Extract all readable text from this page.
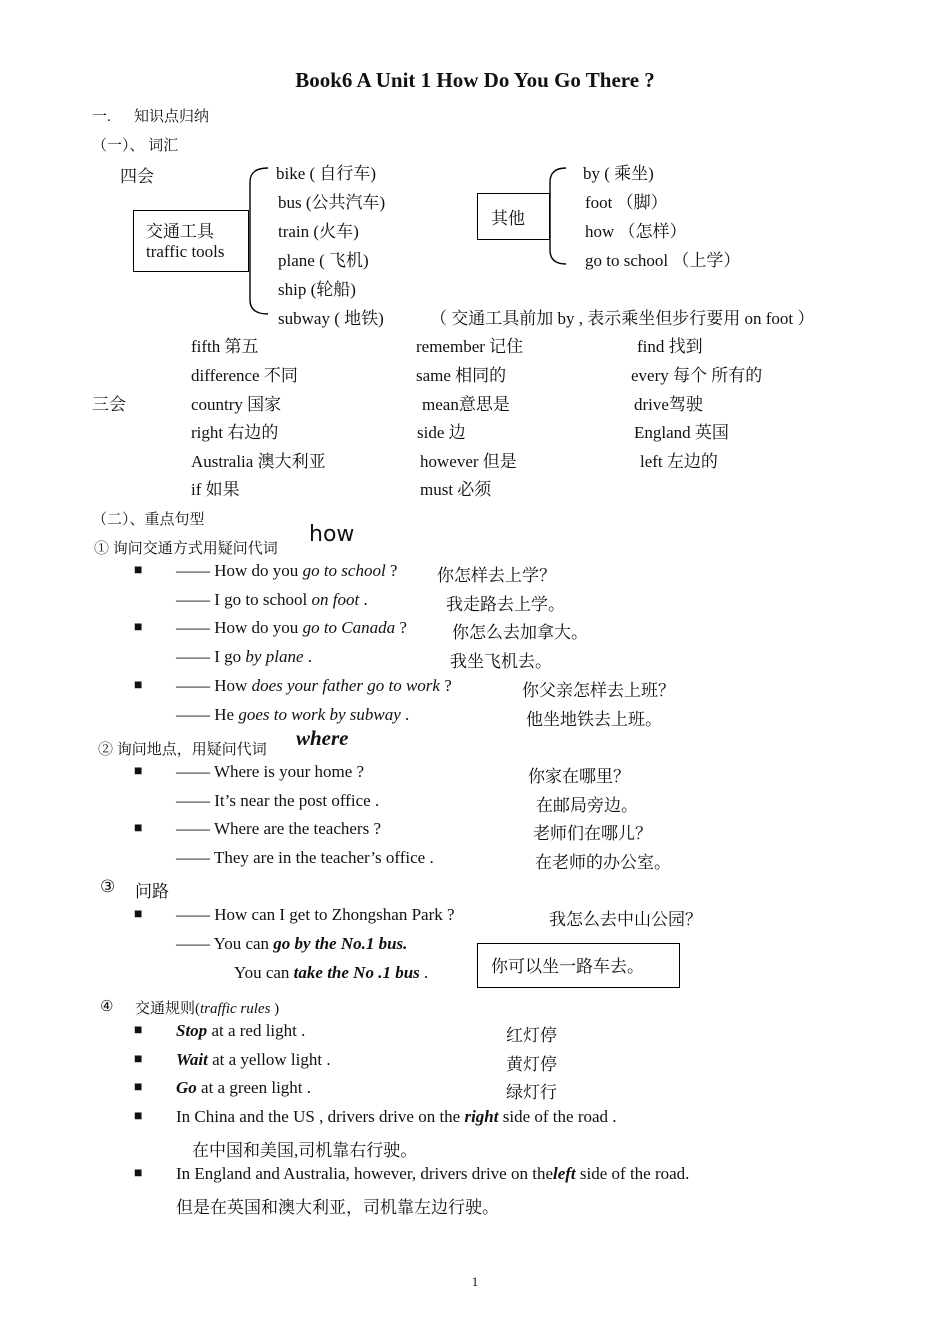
Book6 A Unit 1 How Do You Go There ?
一. 知识点归纳
（一）、 词汇
四会
交通工具
traffic tools
bike ( 自行车)
bus (公共汽车)
train (火车)
plane ( 飞机)
ship (轮船)
subway ( 地铁)
其他
by ( 乘坐)
foot （脚）
how （怎样）
go to school （上学）
（ 交通工具前加 by , 表示乘坐但步行要用 on foot ）
三会
fifth 第五	remember 记住	find 找到
difference 不同	same 相同的	every 每个 所有的
country 国家	mean意思是	drive驾驶
right 右边的	side 边	England 英国
Australia 澳大利亚	however 但是	left 左边的
if 如果	must 必须
（二）、重点句型
① 询问交通方式用疑问代词
how
■ —— How do you go to school ? 你怎样去上学？
—— I go to school on foot .	我走路去上学。
■ —— How do you go to Canada ?	你怎么去加拿大。
—— I go by plane .	我坐飞机去。
■ —— How does your father go to work ?	你父亲怎样去上班？
—— He goes to work by subway .	他坐地铁去上班。
② 询问地点，用疑问代词 where
■ —— Where is your home ?	你家在哪里？
—— It’s near the post office .	在邮局旁边。
■ —— Where are the teachers ?	老师们在哪儿？
—— They are in the teacher’s office .	在老师的办公室。
③ 问路
■ —— How can I get to Zhongshan Park ?	我怎么去中山公园？
—— You can go by the No.1 bus.
You can take the No .1 bus .	你可以坐一路车去。
④ 交通规则(traffic rules )
■ Stop at a red light .	红灯停
■ Wait at a yellow light .	黄灯停
■ Go at a green light .	绿灯行
■ In China and the US , drivers drive on the right side of the road .
在中国和美国,司机靠右行驶。
■ In England and Australia, however, drivers drive on theleft side of the road.
但是在英国和澳大利亚，司机靠左边行驶。
1
